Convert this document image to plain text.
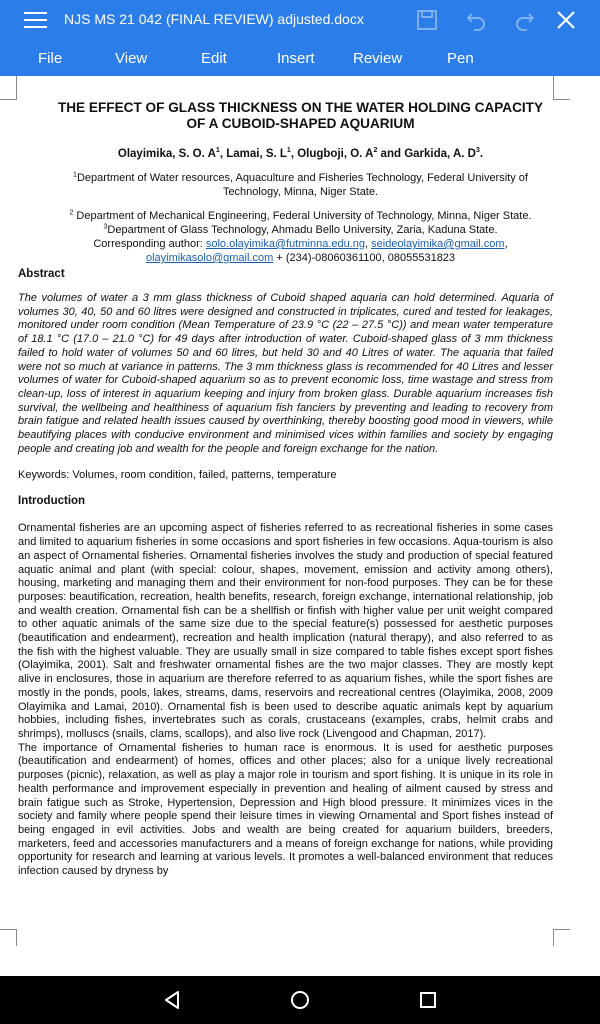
NJS MS 21 042 (FINAL REVIEW) adjusted.docx
File	View	Edit	Insert	Review	Pen
THE EFFECT OF GLASS THICKNESS ON THE WATER HOLDING CAPACITY OF A CUBOID-SHAPED AQUARIUM
Olayimika, S. O. $A^1$, Lamai, S. $L^1$, Olugboji, O. $A^2$ and Garkida, A. $D^3$.
$^1$Department of Water resources, Aquaculture and Fisheries Technology, Federal University of Technology, Minna, Niger State.
$^2$ Department of Mechanical Engineering, Federal University of Technology, Minna, Niger State. $^3$Department of Glass Technology, Ahmadu Bello University, Zaria, Kaduna State.
Corresponding author: solo.olayimika@futminna.edu.ng, seideolayimika@gmail.com,
olayimikasolo@gmail.com + (234)-08060361100, 08055531823
Abstract
The volumes of water a 3 mm glass thickness of Cuboid shaped aquaria can hold determined. Aquaria of volumes 30, 40, 50 and 60 litres were designed and constructed in triplicates, cured and tested for leakages, monitored under room condition (Mean Temperature of 23.9 °C (22 – 27.5 °C)) and mean water temperature of 18.1 °C (17.0 – 21.0 °C) for 49 days after introduction of water. Cuboid-shaped glass of 3 mm thickness failed to hold water of volumes 50 and 60 litres, but held 30 and 40 Litres of water. The aquaria that failed were not so much at variance in patterns. The 3 mm thickness glass is recommended for 40 Litres and lesser volumes of water for Cuboid-shaped aquarium so as to prevent economic loss, time wastage and stress from clean-up, loss of interest in aquarium keeping and injury from broken glass. Durable aquarium increases fish survival, the wellbeing and healthiness of aquarium fish fanciers by preventing and leading to recovery from brain fatigue and related health issues caused by overthinking, thereby boosting good mood in viewers, while beautifying places with conducive environment and minimised vices within families and society by engaging people and creating job and wealth for the people and foreign exchange for the nation.
Keywords: Volumes, room condition, failed, patterns, temperature
Introduction
Ornamental fisheries are an upcoming aspect of fisheries referred to as recreational fisheries in some cases and limited to aquarium fisheries in some occasions and sport fisheries in few occasions. Aqua-tourism is also an aspect of Ornamental fisheries. Ornamental fisheries involves the study and production of special featured aquatic animal and plant (with special: colour, shapes, movement, emission and activity among others), housing, marketing and managing them and their environment for non-food purposes. They can be for these purposes: beautification, recreation, health benefits, research, foreign exchange, international relationship, job and wealth creation. Ornamental fish can be a shellfish or finfish with higher value per unit weight compared to other aquatic animals of the same size due to the special feature(s) possessed for aesthetic purposes (beautification and endearment), recreation and health implication (natural therapy), and also referred to as the fish with the highest valuable. They are usually small in size compared to table fishes except sport fishes (Olayimika, 2001). Salt and freshwater ornamental fishes are the two major classes. They are mostly kept alive in enclosures, those in aquarium are therefore referred to as aquarium fishes, while the sport fishes are mostly in the ponds, pools, lakes, streams, dams, reservoirs and recreational centres (Olayimika, 2008, 2009 Olayimika and Lamai, 2010). Ornamental fish is been used to describe aquatic animals kept by aquarium hobbies, including fishes, invertebrates such as corals, crustaceans (examples, crabs, helmit crabs and shrimps), molluscs (snails, clams, scallops), and also live rock (Livengood and Chapman, 2017).
The importance of Ornamental fisheries to human race is enormous. It is used for aesthetic purposes (beautification and endearment) of homes, offices and other places; also for a unique lively recreational purposes (picnic), relaxation, as well as play a major role in tourism and sport fishing. It is unique in its role in health performance and improvement especially in prevention and healing of ailment caused by stress and brain fatigue such as Stroke, Hypertension, Depression and High blood pressure. It minimizes vices in the society and family where people spend their leisure times in viewing Ornamental and Sport fishes instead of being engaged in evil activities. Jobs and wealth are being created for aquarium builders, breeders, marketers, feed and accessories manufacturers and a means of foreign exchange for nations, while providing opportunity for research and learning at various levels. It promotes a well-balanced environment that reduces infection caused by dryness by
